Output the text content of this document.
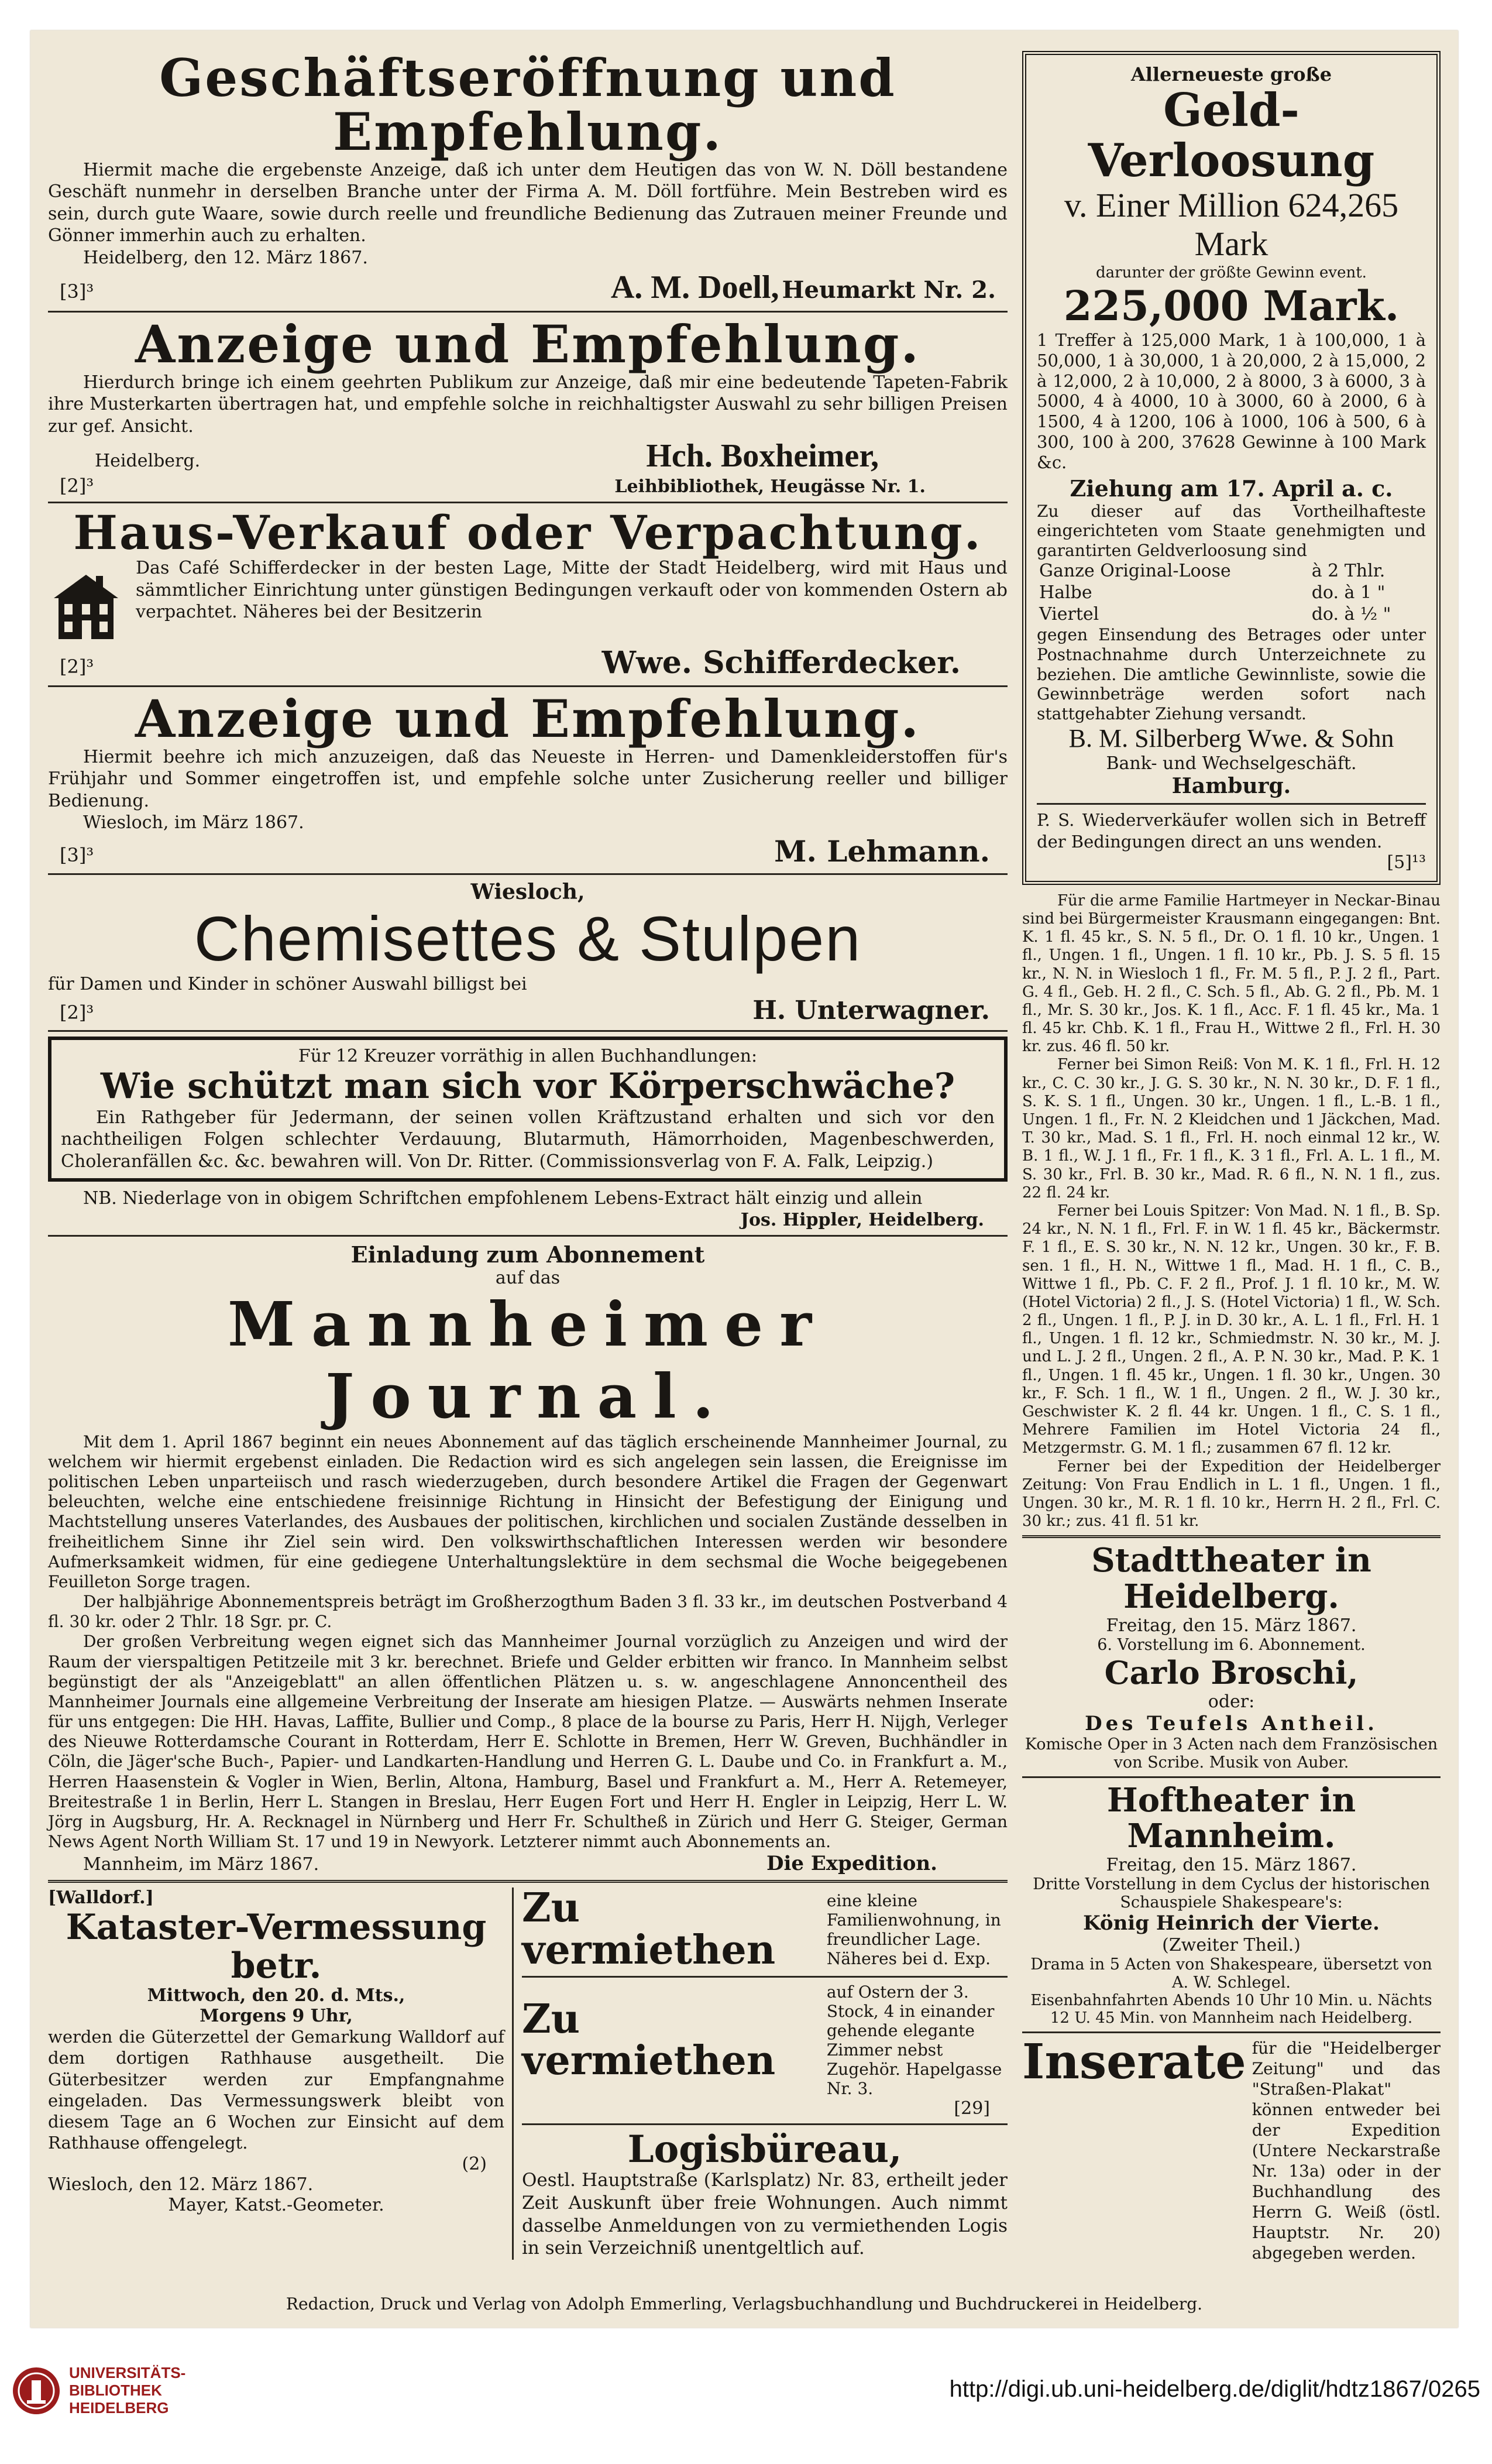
Geschäftseröffnung und Empfehlung.

Hiermit mache die ergebenste Anzeige, daß ich unter dem Heutigen das von W. N. Döll bestandene Geschäft nunmehr in derselben Branche unter der Firma A. M. Döll fortführe. Mein Bestreben wird es sein, durch gute Waare, sowie durch reelle und freundliche Bedienung das Zutrauen meiner Freunde und Gönner immerhin auch zu erhalten.

Heidelberg, den 12. März 1867.

[3]³	A. M. Doell, Heumarkt Nr. 2.
Anzeige und Empfehlung.

Hierdurch bringe ich einem geehrten Publikum zur Anzeige, daß mir eine bedeutende Tapeten-Fabrik ihre Musterkarten übertragen hat, und empfehle solche in reichhaltigster Auswahl zu sehr billigen Preisen zur gef. Ansicht.

Heidelberg.	Hch. Boxheimer,
[2]³	Leihbibliothek, Heugässe Nr. 1.
Haus-Verkauf oder Verpachtung.

Das Café Schifferdecker in der besten Lage, Mitte der Stadt Heidelberg, wird mit Haus und sämmtlicher Einrichtung unter günstigen Bedingungen verkauft oder von kommenden Ostern ab verpachtet. Näheres bei der Besitzerin

[2]³	Wwe. Schifferdecker.
Anzeige und Empfehlung.

Hiermit beehre ich mich anzuzeigen, daß das Neueste in Herren- und Damenkleiderstoffen für's Frühjahr und Sommer eingetroffen ist, und empfehle solche unter Zusicherung reeller und billiger Bedienung.

Wiesloch, im März 1867.

[3]³	M. Lehmann.
Wiesloch,
Chemisettes & Stulpen

für Damen und Kinder in schöner Auswahl billigst bei

[2]³	H. Unterwagner.
Für 12 Kreuzer vorräthig in allen Buchhandlungen:
Wie schützt man sich vor Körperschwäche?

Ein Rathgeber für Jedermann, der seinen vollen Kräftzustand erhalten und sich vor den nachtheiligen Folgen schlechter Verdauung, Blutarmuth, Hämorrhoiden, Magenbeschwerden, Choleranfällen &c. &c. bewahren will. Von Dr. Ritter. (Commissionsverlag von F. A. Falk, Leipzig.)

NB. Niederlage von in obigem Schriftchen empfohlenem Lebens-Extract hält einzig und allein

Jos. Hippler, Heidelberg.
Einladung zum Abonnement
auf das
Mannheimer Journal.

Mit dem 1. April 1867 beginnt ein neues Abonnement auf das täglich erscheinende Mannheimer Journal, zu welchem wir hiermit ergebenst einladen. Die Redaction wird es sich angelegen sein lassen, die Ereignisse im politischen Leben unparteiisch und rasch wiederzugeben, durch besondere Artikel die Fragen der Gegenwart beleuchten, welche eine entschiedene freisinnige Richtung in Hinsicht der Befestigung der Einigung und Machtstellung unseres Vaterlandes, des Ausbaues der politischen, kirchlichen und socialen Zustände desselben in freiheitlichem Sinne ihr Ziel sein wird. Den volkswirthschaftlichen Interessen werden wir besondere Aufmerksamkeit widmen, für eine gediegene Unterhaltungslektüre in dem sechsmal die Woche beigegebenen Feuilleton Sorge tragen.

Der halbjährige Abonnementspreis beträgt im Großherzogthum Baden 3 fl. 33 kr., im deutschen Postverband 4 fl. 30 kr. oder 2 Thlr. 18 Sgr. pr. C.

Der großen Verbreitung wegen eignet sich das Mannheimer Journal vorzüglich zu Anzeigen und wird der Raum der vierspaltigen Petitzeile mit 3 kr. berechnet. Briefe und Gelder erbitten wir franco. In Mannheim selbst begünstigt der als "Anzeigeblatt" an allen öffentlichen Plätzen u. s. w. angeschlagene Annoncentheil des Mannheimer Journals eine allgemeine Verbreitung der Inserate am hiesigen Platze. — Auswärts nehmen Inserate für uns entgegen: Die HH. Havas, Laffite, Bullier und Comp., 8 place de la bourse zu Paris, Herr H. Nijgh, Verleger des Nieuwe Rotterdamsche Courant in Rotterdam, Herr E. Schlotte in Bremen, Herr W. Greven, Buchhändler in Cöln, die Jäger'sche Buch-, Papier- und Landkarten-Handlung und Herren G. L. Daube und Co. in Frankfurt a. M., Herren Haasenstein & Vogler in Wien, Berlin, Altona, Hamburg, Basel und Frankfurt a. M., Herr A. Retemeyer, Breitestraße 1 in Berlin, Herr L. Stangen in Breslau, Herr Eugen Fort und Herr H. Engler in Leipzig, Herr L. W. Jörg in Augsburg, Hr. A. Recknagel in Nürnberg und Herr Fr. Schultheß in Zürich und Herr G. Steiger, German News Agent North William St. 17 und 19 in Newyork. Letzterer nimmt auch Abonnements an.

Mannheim, im März 1867.	Die Expedition.
[Walldorf.]
Kataster-Vermessung betr.
Mittwoch, den 20. d. Mts.,
Morgens 9 Uhr,

werden die Güterzettel der Gemarkung Walldorf auf dem dortigen Rathhause ausgetheilt. Die Güterbesitzer werden zur Empfangnahme eingeladen. Das Vermessungswerk bleibt von diesem Tage an 6 Wochen zur Einsicht auf dem Rathhause offengelegt.

(2)
Wiesloch, den 12. März 1867.
Mayer, Katst.-Geometer.
Zu vermiethen
eine kleine Familienwohnung, in freundlicher Lage. Näheres bei d. Exp.
Zu vermiethen
auf Ostern der 3. Stock, 4 in einander gehende elegante Zimmer nebst Zugehör. Hapelgasse Nr. 3.
[29]
Logisbüreau,

Oestl. Hauptstraße (Karlsplatz) Nr. 83, ertheilt jeder Zeit Auskunft über freie Wohnungen. Auch nimmt dasselbe Anmeldungen von zu vermiethenden Logis in sein Verzeichniß unentgeltlich auf.

Allerneueste große
Geld-Verloosung
v. Einer Million 624,265 Mark
darunter der größte Gewinn event.
225,000 Mark.

1 Treffer à 125,000 Mark, 1 à 100,000, 1 à 50,000, 1 à 30,000, 1 à 20,000, 2 à 15,000, 2 à 12,000, 2 à 10,000, 2 à 8000, 3 à 6000, 3 à 5000, 4 à 4000, 10 à 3000, 60 à 2000, 6 à 1500, 4 à 1200, 106 à 1000, 106 à 500, 6 à 300, 100 à 200, 37628 Gewinne à 100 Mark &c.

Ziehung am 17. April a. c.

Zu dieser auf das Vortheilhafteste eingerichteten vom Staate genehmigten und garantirten Geldverloosung sind

Ganze Original-Loose	à 2 Thlr.
Halbe	do. à 1 "
Viertel	do. à ½ "

gegen Einsendung des Betrages oder unter Postnachnahme durch Unterzeichnete zu beziehen. Die amtliche Gewinnliste, sowie die Gewinnbeträge werden sofort nach stattgehabter Ziehung versandt.

B. M. Silberberg Wwe. & Sohn
Bank- und Wechselgeschäft.
Hamburg.

P. S. Wiederverkäufer wollen sich in Betreff der Bedingungen direct an uns wenden.

[5]¹³

Für die arme Familie Hartmeyer in Neckar-Binau sind bei Bürgermeister Krausmann eingegangen: Bnt. K. 1 fl. 45 kr., S. N. 5 fl., Dr. O. 1 fl. 10 kr., Ungen. 1 fl., Ungen. 1 fl., Ungen. 1 fl. 10 kr., Pb. J. S. 5 fl. 15 kr., N. N. in Wiesloch 1 fl., Fr. M. 5 fl., P. J. 2 fl., Part. G. 4 fl., Geb. H. 2 fl., C. Sch. 5 fl., Ab. G. 2 fl., Pb. M. 1 fl., Mr. S. 30 kr., Jos. K. 1 fl., Acc. F. 1 fl. 45 kr., Ma. 1 fl. 45 kr. Chb. K. 1 fl., Frau H., Wittwe 2 fl., Frl. H. 30 kr. zus. 46 fl. 50 kr.

Ferner bei Simon Reiß: Von M. K. 1 fl., Frl. H. 12 kr., C. C. 30 kr., J. G. S. 30 kr., N. N. 30 kr., D. F. 1 fl., S. K. S. 1 fl., Ungen. 30 kr., Ungen. 1 fl., L.-B. 1 fl., Ungen. 1 fl., Fr. N. 2 Kleidchen und 1 Jäckchen, Mad. T. 30 kr., Mad. S. 1 fl., Frl. H. noch einmal 12 kr., W. B. 1 fl., W. J. 1 fl., Fr. 1 fl., K. 3 1 fl., Frl. A. L. 1 fl., M. S. 30 kr., Frl. B. 30 kr., Mad. R. 6 fl., N. N. 1 fl., zus. 22 fl. 24 kr.

Ferner bei Louis Spitzer: Von Mad. N. 1 fl., B. Sp. 24 kr., N. N. 1 fl., Frl. F. in W. 1 fl. 45 kr., Bäckermstr. F. 1 fl., E. S. 30 kr., N. N. 12 kr., Ungen. 30 kr., F. B. sen. 1 fl., H. N., Wittwe 1 fl., Mad. H. 1 fl., C. B., Wittwe 1 fl., Pb. C. F. 2 fl., Prof. J. 1 fl. 10 kr., M. W. (Hotel Victoria) 2 fl., J. S. (Hotel Victoria) 1 fl., W. Sch. 2 fl., Ungen. 1 fl., P. J. in D. 30 kr., A. L. 1 fl., Frl. H. 1 fl., Ungen. 1 fl. 12 kr., Schmiedmstr. N. 30 kr., M. J. und L. J. 2 fl., Ungen. 2 fl., A. P. N. 30 kr., Mad. P. K. 1 fl., Ungen. 1 fl. 45 kr., Ungen. 1 fl. 30 kr., Ungen. 30 kr., F. Sch. 1 fl., W. 1 fl., Ungen. 2 fl., W. J. 30 kr., Geschwister K. 2 fl. 44 kr. Ungen. 1 fl., C. S. 1 fl., Mehrere Familien im Hotel Victoria 24 fl., Metzgermstr. G. M. 1 fl.; zusammen 67 fl. 12 kr.

Ferner bei der Expedition der Heidelberger Zeitung: Von Frau Endlich in L. 1 fl., Ungen. 1 fl., Ungen. 30 kr., M. R. 1 fl. 10 kr., Herrn H. 2 fl., Frl. C. 30 kr.; zus. 41 fl. 51 kr.

Stadttheater in Heidelberg.
Freitag, den 15. März 1867.
6. Vorstellung im 6. Abonnement.
Carlo Broschi,
oder:
Des Teufels Antheil.
Komische Oper in 3 Acten nach dem Französischen von Scribe. Musik von Auber.
Hoftheater in Mannheim.
Freitag, den 15. März 1867.
Dritte Vorstellung in dem Cyclus der historischen Schauspiele Shakespeare's:
König Heinrich der Vierte.
(Zweiter Theil.)
Drama in 5 Acten von Shakespeare, übersetzt von A. W. Schlegel.
Eisenbahnfahrten Abends 10 Uhr 10 Min. u. Nächts 12 U. 45 Min. von Mannheim nach Heidelberg.
Inserate für die "Heidelberger Zeitung" und das "Straßen-Plakat" können entweder bei der Expedition (Untere Neckarstraße Nr. 13a) oder in der Buchhandlung des Herrn G. Weiß (östl. Hauptstr. Nr. 20) abgegeben werden.
Redaction, Druck und Verlag von Adolph Emmerling, Verlagsbuchhandlung und Buchdruckerei in Heidelberg.
UNIVERSITÄTS-
BIBLIOTHEK
HEIDELBERG
http://digi.ub.uni-heidelberg.de/diglit/hdtz1867/0265
